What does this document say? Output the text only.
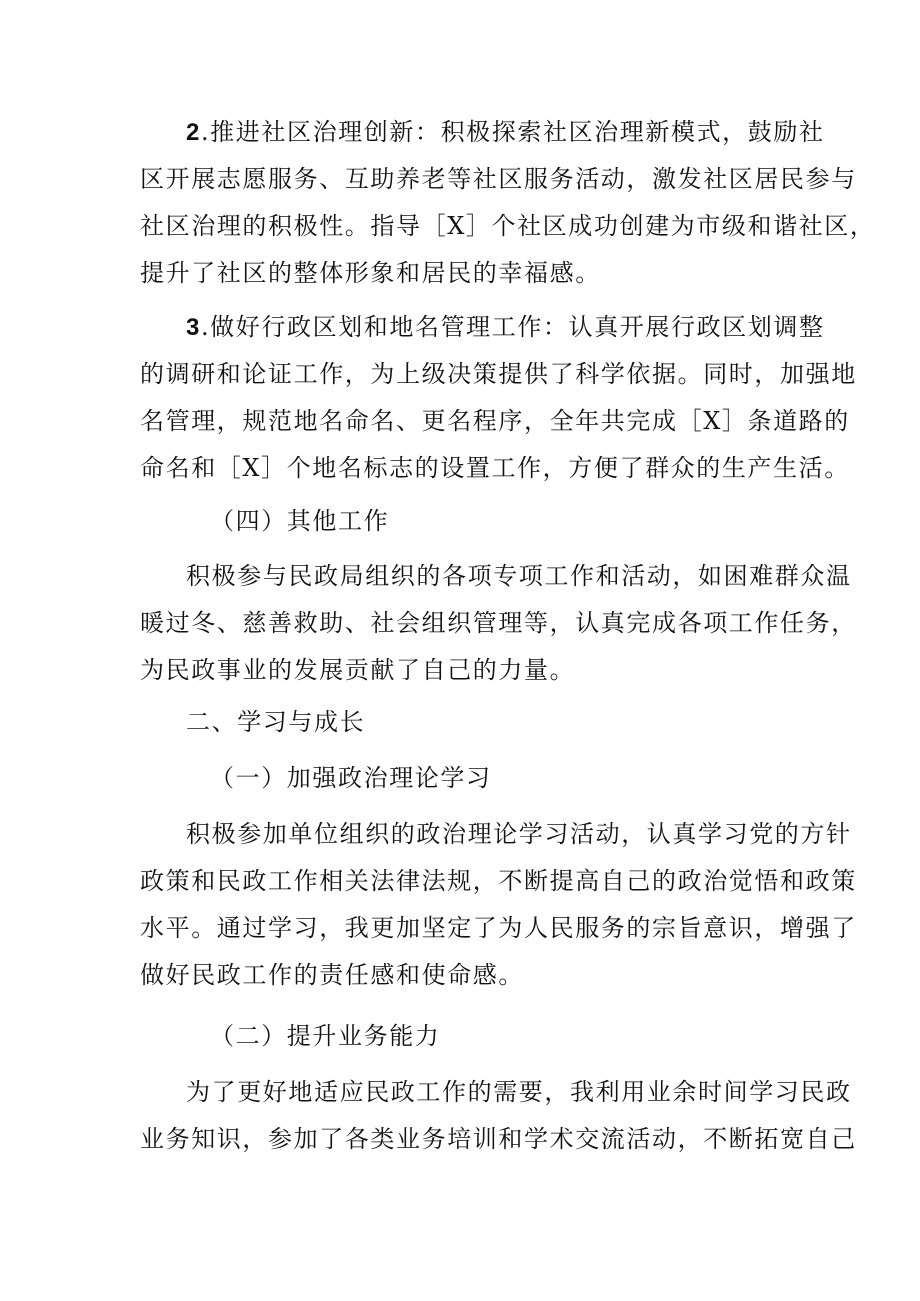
2.推进社区治理创新：积极探索社区治理新模式，鼓励社
区开展志愿服务、互助养老等社区服务活动，激发社区居民参与
社区治理的积极性。指导［X］个社区成功创建为市级和谐社区，
提升了社区的整体形象和居民的幸福感。
3.做好行政区划和地名管理工作：认真开展行政区划调整
的调研和论证工作，为上级决策提供了科学依据。同时，加强地
名管理，规范地名命名、更名程序，全年共完成［X］条道路的
命名和［X］个地名标志的设置工作，方便了群众的生产生活。
（四）其他工作
积极参与民政局组织的各项专项工作和活动，如困难群众温
暖过冬、慈善救助、社会组织管理等，认真完成各项工作任务，
为民政事业的发展贡献了自己的力量。
二、学习与成长
（一）加强政治理论学习
积极参加单位组织的政治理论学习活动，认真学习党的方针
政策和民政工作相关法律法规，不断提高自己的政治觉悟和政策
水平。通过学习，我更加坚定了为人民服务的宗旨意识，增强了
做好民政工作的责任感和使命感。
（二）提升业务能力
为了更好地适应民政工作的需要，我利用业余时间学习民政
业务知识，参加了各类业务培训和学术交流活动，不断拓宽自己
